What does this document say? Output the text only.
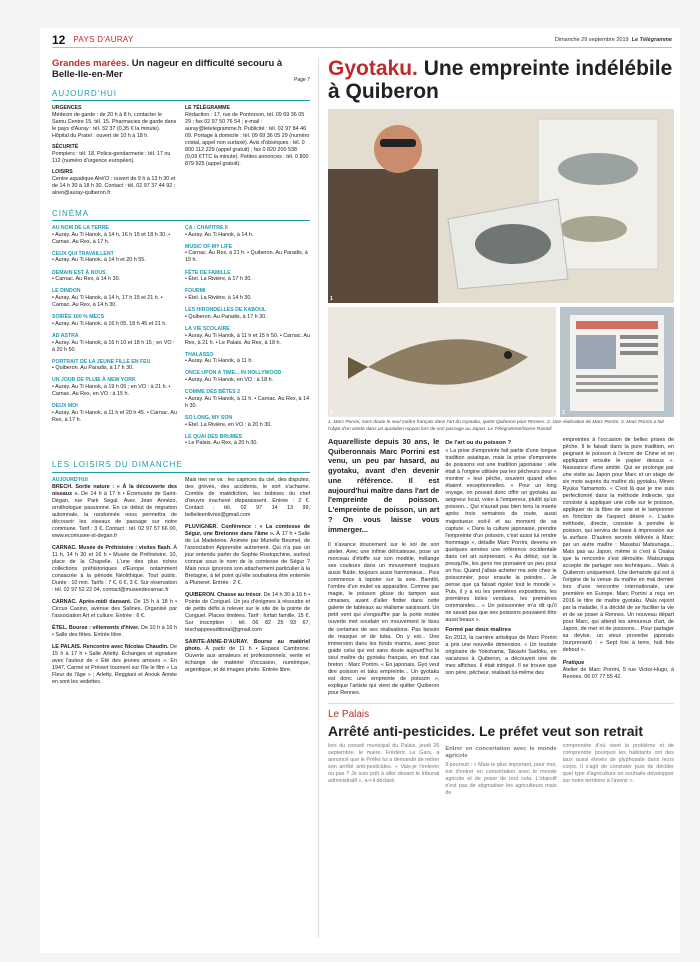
12 PAYS D'AURAY	Dimanche 29 septembre 2019 Le Télégramme
Grandes marées. Un nageur en difficulté secouru à Belle-Ile-en-Mer	Page 7
AUJOURD'HUI
URGENCES
Médecin de garde : de 20 h à 8 h, contacter le Samu Centre 15, tél. 15. Pharmacies de garde dans le pays d'Auray : tél. 32 37 (0,35 € la minute). Hôpital du Pratel : ouvert de 10 h à 18 h.
SÉCURITÉ
Pompiers : tél. 18. Police-gendarmerie : tél. 17 ou 112 (numéro d'urgence européen).
LOISIRS
Centre aquatique Alré'O : ouvert de 9 h à 13 h 30 et de 14 h 30 à 18 h 30. Contact : tél. 02 97 37 44 92 ; alreo@auray-quiberon.fr
LE TÉLÉGRAMME
Rédaction : 17, rue de Pontorson, tél. 09 69 36 05 29 ; fax 02 97 50 76 54 ; e-mail : auray@letelegramme.fr. Publicité : tél. 02 97 84 46 09. Portage à domicile : tél. 09 69 36 05 29 (numéro cristal, appel non surtaxé). Avis d'obsèques : tél. 0 800 112 229 (appel gratuit) ; fax 0 820 200 538 (0,09 €TTC la minute). Petites annonces : tél. 0 800 879 925 (appel gratuit).
CINÉMA
AU NOM DE LA TERRE
• Auray. Au Ti Hanok, à 14 h, 16 h 15 et 18 h 30. • Carnac. Au Rex, à 17 h.
CEUX QUI TRAVAILLENT
• Auray. Au Ti Hanok, à 14 h et 20 h 55.
DEMAIN EST À NOUS
• Carnac. Au Rex, à 14 h 30.
LE DINDON
• Auray. Au Ti Hanok, à 14 h, 17 h 15 et 21 h. • Carnac. Au Rex, à 14 h 30.
SOIRÉE 100 % MECS
• Auray. Au Ti Hanok, à 16 h 05, 18 h 45 et 21 h.
AD ASTRA
• Auray. Au Ti Hanok, à 16 h 10 et 18 h 15 ; en VO : à 20 h 50.
PORTRAIT DE LA JEUNE FILLE EN FEU
• Quiberon. Au Paradis, à 17 h 30.
UN JOUR DE PLUIE À NEW YORK
• Auray. Au Ti Hanok, à 19 h 05 ; en VO : à 21 h. • Carnac. Au Rex, en VO : à 15 h.
DEUX MOI
• Auray. Au Ti Hanok, à 11 h et 20 h 45. • Carnac. Au Rex, à 17 h.
ÇA : CHAPITRE II
• Auray. Au Ti Hanok, à 14 h.
MUSIC OF MY LIFE
• Carnac. Au Rex, à 21 h. • Quiberon. Au Paradis, à 15 h.
FÊTE DE FAMILLE
• Étel. La Rivière, à 17 h 30.
FOURMI
• Étel. La Rivière, à 14 h 30.
LES HIRONDELLES DE KABOUL
• Quiberon. Au Paradis, à 17 h 30.
LA VIE SCOLAIRE
• Auray. Au Ti Hanok, à 11 h et 15 h 50. • Carnac. Au Rex, à 21 h. • Le Palais. Au Rex, à 18 h.
THALASSO
• Auray. Au Ti Hanok, à 11 h.
ONCE UPON A TIME... IN HOLLYWOOD
• Auray. Au Ti Hanok, en VO : à 18 h.
COMME DES BÊTES 2
• Auray. Au Ti Hanok, à 11 h. • Carnac. Au Rex, à 14 h 30.
SO LONG, MY SON
• Étel. La Rivière, en VO : à 20 h 30.
LE QUAI DES BRUMES
• Le Palais. Au Rex, à 20 h 30.
LES LOISIRS DU DIMANCHE
AUJOURD'HUI
BRECH. Sortie nature : « À la découverte des oiseaux ». De 14 h à 17 h • Écomusée de Saint-Dégan, rue Park Segal. Avec Jean Annézo, ornithologue passionné. En ce début de migration automnale, la randonnée nous permettra de découvrir les oiseaux de passage sur notre commune. Tarif : 3 €. Contact : tél. 02 97 57 66 00, www.ecomusee-st-degan.fr
CARNAC. Musée de Préhistoire : visites flash. À 11 h, 14 h 30 et 16 h • Musée de Préhistoire, 10, place de la Chapelle. L'une des plus riches collections préhistoriques d'Europe notamment consacrée à la période Néolithique. Tout public. Durée : 10 min. Tarifs : 7 €, 6 €, 3 €. Sur réservation : tél. 02 97 52 22 04, contact@museedecarnac.fr
CARNAC. Après-midi dansant. De 15 h à 18 h • Circus Casino, avenue des Salines. Organisé par l'association Art et culture. Entrée : 6 €.
ÉTEL. Bourse : vêtements d'hiver. De 10 h à 16 h • Salle des fêtes. Entrée libre.
LE PALAIS. Rencontre avec Nicolas Chaudin. De 15 h à 17 h • Salle Arletty. Échanges et signature avec l'auteur de « Été des jeunes amours ». En 1947, Carmé et Prévert tournent sur l'île le film « La Fleur de l'âge » ; Arletty, Reggiani et Anouk Aimée en sont les vedettes.
Mais rien ne va : les caprices du ciel, des disputes, des grèves, des accidents, le sort s'acharne. Comble de malédiction, les bobines du chef d'œuvre inachevé disparaissent. Entrée : 2 €. Contact : tél. 02 97 14 13 99, belleileenlivres@gmail.com
PLUVIGNER. Conférence : « La comtesse de Ségur, une Bretonne dans l'âme ». À 17 h • Salle de La Madeleine. Animée par Murielle Beumel, de l'association Apprendre autrement. Qui n'a pas un jour entendu parler de Sophie Rostopchine, surtout connue sous le nom de la comtesse de Ségur ? Mais nous ignorons son attachement particulier à la Bretagne, à tel point qu'elle souhaitera être enterrée à Pluneret. Entrée : 2 €.
QUIBERON. Chasse au trésor. De 14 h 30 à 16 h • Pointe de Conguel. Un jeu d'énigmes à résoudre et de petits défis à relever sur le site de la pointe de Conguel. Places limitées. Tarif : forfait famille, 15 €. Sur inscription : tél. 06 82 25 93 67, teschappeesdittoral@gmail.com
SAINTE-ANNE-D'AURAY. Bourse au matériel photo. À partir de 11 h • Espace Cambrone. Ouverte aux amateurs et professionnels, vente et échange de matériel d'occasion, numérique, argentique, et de images photo. Entrée libre.
Gyotaku. Une empreinte indélébile à Quiberon
1
2	3
1. Marc Porrini, sans doute le seul maître français dans l'art du Gyotaku, quitte Quiberon pour Rennes. 2. Une réalisation de Marc Porrini. 3. Marc Porrini a fait l'objet d'un article dans un quotidien nippon lors de son passage au Japon. Le Télégramme/Soren Rastoll
Aquarelliste depuis 30 ans, le Quiberonnais Marc Porrini est venu, un peu par hasard, au gyotaku, avant d'en devenir une référence. Il est aujourd'hui maître dans l'art de l'empreinte de poisson. L'empreinte de poisson, un art ? On vous laisse vous immerger...
Il s'avance doucement sur le sol de son atelier. Avec une infinie délicatesse, pose un morceau d'étoffe sur son modèle, mélange ses couleurs dans un mouvement toujours aussi fluide, toujours aussi harmonieux... Puis commence à tapoter sur la soie. Bientôt, l'ombre d'un mulet va apparaître. Comme par magie, le poisson glisse du tampon aux cimaises, avant d'aller flotter dans cette galerie de tableaux au réalisme saisissant. Un petit vent qui s'engouffre par la porte restée ouverte met soudain en mouvement le tissu de certaines de ses réalisations. Pas besoin de masque et de tuba. On y est... Une immersion dans les fonds marins, avec pour guide celui qui est sans doute aujourd'hui le seul maître du gyotaku français, en tout cas breton : Marc Porrini. « En japonais, Gyo veut dire poisson et taku empreinte... Un gyotaku est donc une empreinte de poisson », explique l'artiste qui vient de quitter Quiberon pour Rennes.
De l'art ou du poisson ?
« La prise d'empreinte fait partie d'une longue tradition asiatique, mais la prise d'empreinte de poissons est une tradition japonaise : elle était à l'origine utilisée par les pêcheurs pour « montrer » leur pêche, souvent quand elles étaient exceptionnelles. » Pour un long voyage, on pouvait donc offrir un gyotaku au seigneur local, voire à l'empereur, plutôt qu'un poisson... Qui n'aurait pas bien tenu la marée après trois semaines de route, aussi majestueux soit-il et au moment de sa capture. « Dans la culture japonaise, prendre l'empreinte d'un poisson, c'est aussi lui rendre hommage », détaille Marc Porrini, devenu en quelques années une référence occidentale dans cet art surprenant. « Au début, sur la presqu'île, les gens me prenaient un peu pour un fou. Quand j'allais acheter ma sole chez le poissonnier, pour ensuite la peindre... Je pense que ça faisait rigoler tout le monde ». Puis, il y a eu les premières expositions, les premières toiles vendues, les premières commandes... « Un poissonnier m'a dit qu'il ne savait pas que ses poissons pouvaient être aussi beaux ».
Formé par deux maîtres
En 2013, la carrière artistique de Marc Porrini a pris une nouvelle dimension. « Un touriste originaire de Yokohama, Takashi Sadoku, en vacances à Quiberon, a découvert une de mes affiches. Il était intrigué. Il se trouve que son père, pêcheur, réalisait lui-même des
empreintes à l'occasion de belles prises de pêche. Il le faisait dans la pure tradition, en peignant le poisson à l'encre de Chine et en appliquant ensuite le papier dessus ». Naissance d'une amitié. Qui se prolonge par une visite au Japon pour Marc et un stage de six mois auprès du maître du gyotaku, Mineo Ryuka Yamamoto. « C'est là que je me suis perfectionné dans la méthode indirecte, qui consiste à appliquer une colle sur le poisson, appliquer de la fibre de soie et le tamponner en fonction de l'aspect désiré ». L'autre méthode, directe, consiste à peindre le poisson, qui servira de base à impression sur la surface. D'autres secrets délivrés à Marc par un autre maître : Masatsu Matsunaga... Mais pas au Japon, même si c'est à Osaka que la rencontre s'est déroulée. Matsunaga accepte de partager ses techniques... Mais à Quiberon uniquement. Une demande qui est à l'origine de la venue du maître en mai dernier lors d'une rencontre internationale, une première en Europe. Marc Porrini a reçu en 2016 le titre de maître gyotaku. Mais rejoint par la maladie, il a décidé de se faciliter la vie et de se poser à Rennes. Un nouveau départ pour Marc, qui attend les amoureux d'art, de Japon, de mer et de poissons... Pour partager sa devise, un vieux proverbe japonais (surprenant) : « Sept fois à terre, huit fois debout ».
Pratique
Atelier de Marc Porrini, 5 rue Victor-Hugo, à Rennes. 06 07 77 55 42.
Le Palais
Arrêté anti-pesticides. Le préfet veut son retrait
lors du conseil municipal du Palais, jeudi 26 septembre, le maire, Frédéric Le Gars, a annoncé que le Préfet lui a demandé de retirer son arrêté anti-pesticides. « Vais-je l'enlever ou pas ? Je suis prêt à aller devant le tribunal administratif », a-t-il déclaré.
Entrer en concertation avec le monde agricole
Il poursuit : « Mais le plus important, pour moi, est d'entrer en concertation avec le monde agricole et de poser de tout cela. L'objectif n'est pas de stigmatiser les agriculteurs mais de
comprendre d'où vient la problème et de comprendre pourquoi les habitants ont des taux aussi élevés de glyphosate dans leurs corps. Il s'agit de constater puis de décider quel type d'agriculture on souhaite développer sur notre territoire à l'avenir ».
